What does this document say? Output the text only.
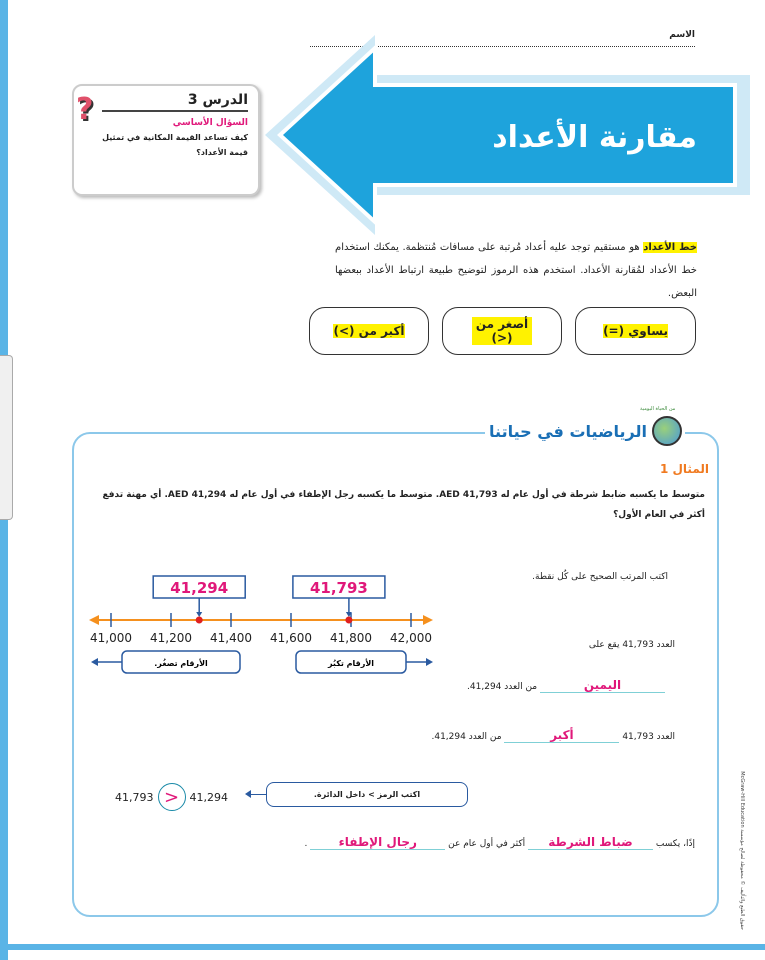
الاسم
مقارنة الأعداد
الدرس 3
السؤال الأساسي
كيف تساعد القيمة المكانية في تمثيل قيمة الأعداد؟
?
خط الأعداد هو مستقيم توجد عليه أعداد مُرتبة على مسافات مُنتظمة. يمكنك استخدام خط الأعداد لمُقارنة الأعداد. استخدم هذه الرموز لتوضيح طبيعة ارتباط الأعداد ببعضها البعض.
يساوي (=)
أصغر من (<)
أكبر من (>)
من الحياة اليومية
الرياضيات في حياتنا
المثال 1
متوسط ما يكسبه ضابط شرطة في أول عام له AED 41,793. متوسط ما يكسبه رجل الإطفاء في أول عام له AED 41,294. أي مهنة تدفع أكثر في العام الأول؟
41,000 41,200 41,400 41,600 41,800 42,000
41,294	41,793
الأرقام تصغُر.	الأرقام تكبُر
اكتب المرتب الصحيح على كُل نقطة.
العدد 41,793 يقع على
اليمين من العدد 41,294.
العدد 41,793 أكبر من العدد 41,294.
41,793 > 41,294	اكتب الرمز > داخل الدائرة.
إذًا، يكسب ضباط الشرطة أكثر في أول عام عن رجال الإطفاء .
حقوق الطبع والتأليف © محفوظة لصالح مؤسسة McGraw-Hill Education
